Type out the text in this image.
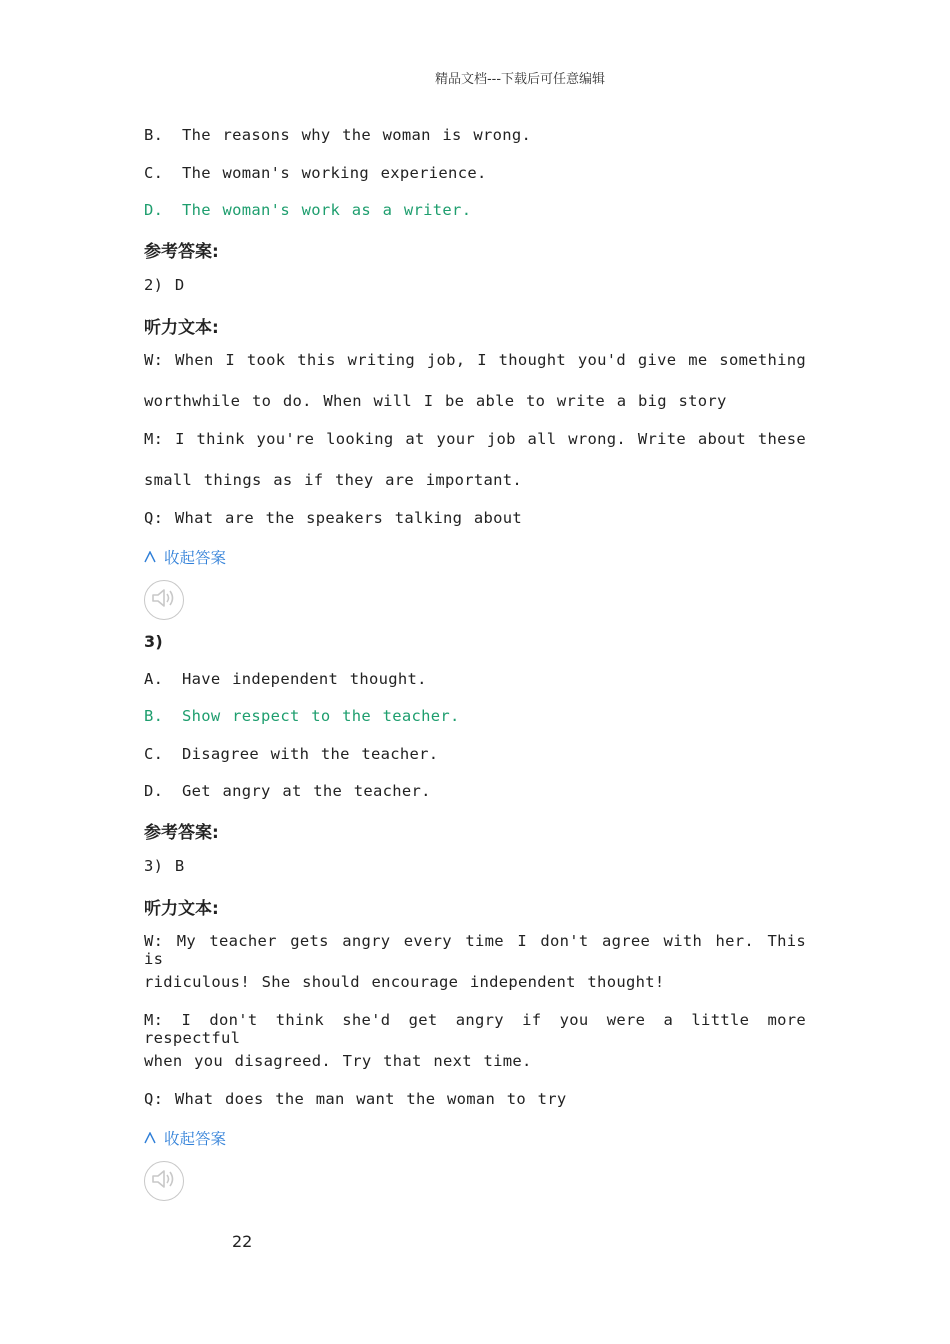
精品文档---下载后可任意编辑
B.	The reasons why the woman is wrong.
C.	The woman's working experience.
D.	The woman's work as a writer.
参考答案:
2) D
听力文本:
W: When I took this writing job, I thought you'd give me something
worthwhile to do. When will I be able to write a big story
M: I think you're looking at your job all wrong. Write about these
small things as if they are important.
Q: What are the speakers talking about
收起答案
3)
A.	Have independent thought.
B.	Show respect to the teacher.
C.	Disagree with the teacher.
D.	Get angry at the teacher.
参考答案:
3) B
听力文本:
W: My teacher gets angry every time I don't agree with her. This is
ridiculous! She should encourage independent thought!
M: I don't think she'd get angry if you were a little more respectful
when you disagreed. Try that next time.
Q: What does the man want the woman to try
收起答案
22
